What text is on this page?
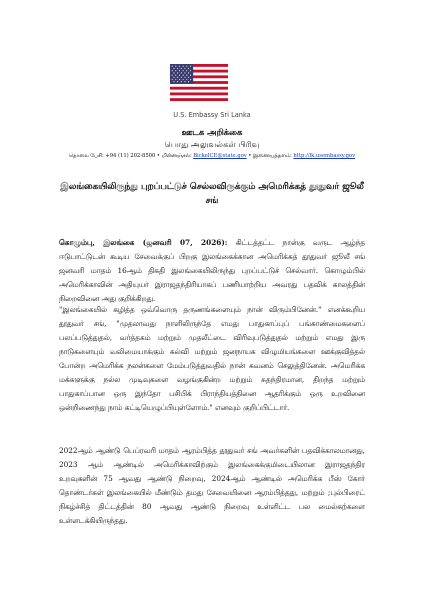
U.S. Embassy Sri Lanka
ஊடக அறிக்கை
பொது அலுவல்கள் பிரிவு
தொலை பேசி: +94 (11) 202-8500 • மின்னஞ்சல்: BickelCE@state.gov • இணையத்தளம்: http://lk.usembassy.gov
இலங்கையிலிருந்து புறப்பட்டுச் செல்லவிருக்கும் அமெரிக்கத் தூதுவர் ஜூலீ சங்

கொழும்பு, இலங்கை (ஜனவரி 07, 2026): கிட்டத்தட்ட நான்கு வருட ஆழ்ந்த ஈடுபாட்டுடன் கூடிய சேவைக்குப் பிறகு இலங்கைக்கான அமெரிக்கத் தூதுவர் ஜூலீ சங் ஜனவரி மாதம் 16ஆம் திகதி இலங்கையிலிருந்து புறப்பட்டுச் செல்வார். கொழும்பில் அமெரிக்காவின் அதியுயர் இராஜதந்திரியாகப் பணியாற்றிய அவரது பதவிக் காலத்தின் நிறைவினை அது குறிக்கிறது.

"இலங்கையில் கழித்த ஒவ்வொரு தருணங்களையும் நான் விரும்பினேன்." எனக்கூறிய தூதுவர் சங், "முதலாவது நாளிலிருந்தே எமது பாதுகாப்புப் பங்காண்மைகளைப் பலப்படுத்துதல், வர்த்தகம் மற்றும் முதலீட்டை விரிவுபடுத்துதல் மற்றும் எமது இரு நாடுகளையும் வலிமையாக்கும் கல்வி மற்றும் ஜனநாயக விழுமியங்களை ஊக்குவித்தல் போன்ற அமெரிக்க நலன்களை மேம்படுத்துவதில் நான் கவனம் செலுத்தினேன். அமெரிக்க மக்களுக்கு நல்ல முடிவுகளை வழங்குகின்ற மற்றும் சுதந்திரமான, திறந்த மற்றும் பாதுகாப்பான ஒரு இந்தோ பசிபிக் பிராந்தியத்தினை ஆதரிக்கும் ஒரு உறவினை ஒன்றிணைந்து நாம் கட்டியெழுப்பியுள்ளோம்." எனவும் குறிப்பிட்டார்.

2022ஆம் ஆண்டு பெப்ரவரி மாதம் ஆரம்பித்த தூதுவர் சங் அவர்களின் பதவிக்காலமானது, 2023 ஆம் ஆண்டில் அமெரிக்காவிற்கும் இலங்கைக்குமிடையிலான இராஜதந்திர உறவுகளின் 75 ஆவது ஆண்டு நிறைவு, 2024ஆம் ஆண்டில் அமெரிக்க பீஸ் கோர் தொண்டர்கள் இலங்கையில் மீண்டும் தமது சேவையினை ஆரம்பித்தது, மற்றும் ;புல்பிரைட் நிகழ்ச்சித் திட்டத்தின் 80 ஆவது ஆண்டு நிறைவு உள்ளிட்ட பல மைல்கற்களை உள்ளடக்கியிருந்தது.
